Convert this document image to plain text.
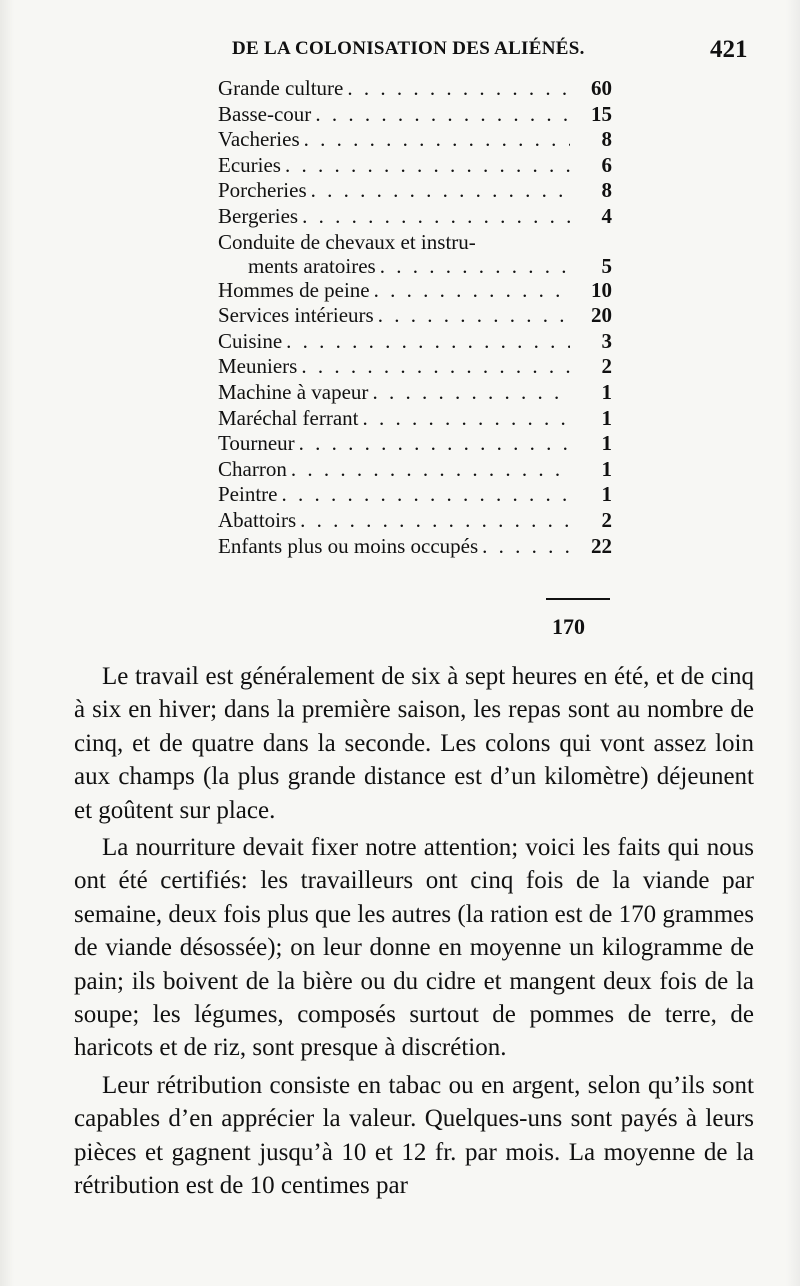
DE LA COLONISATION DES ALIÉNÉS.	421
Grande culture . . .	60
Basse-cour . . .	15
Vacheries . . .	8
Ecuries . . .	6
Porcheries . . .	8
Bergeries . . .	4
Conduite de chevaux et instru-
ments aratoires . . .	5
Hommes de peine . . .	10
Services intérieurs . . .	20
Cuisine . . .	3
Meuniers . . .	2
Machine à vapeur . . .	1
Maréchal ferrant . . .	1
Tourneur . . .	1
Charron . . .	1
Peintre . . .	1
Abattoirs . . .	2
Enfants plus ou moins occupés . . .	22
170

Le travail est généralement de six à sept heures en été, et de cinq à six en hiver; dans la première saison, les repas sont au nombre de cinq, et de quatre dans la seconde. Les colons qui vont assez loin aux champs (la plus grande distance est d’un kilomètre) déjeunent et goûtent sur place.

La nourriture devait fixer notre attention; voici les faits qui nous ont été certifiés: les travailleurs ont cinq fois de la viande par semaine, deux fois plus que les autres (la ration est de 170 grammes de viande désossée); on leur donne en moyenne un kilogramme de pain; ils boivent de la bière ou du cidre et mangent deux fois de la soupe; les légumes, composés surtout de pommes de terre, de haricots et de riz, sont presque à discrétion.

Leur rétribution consiste en tabac ou en argent, selon qu’ils sont capables d’en apprécier la valeur. Quelques-uns sont payés à leurs pièces et gagnent jusqu’à 10 et 12 fr. par mois. La moyenne de la rétribution est de 10 centimes par
